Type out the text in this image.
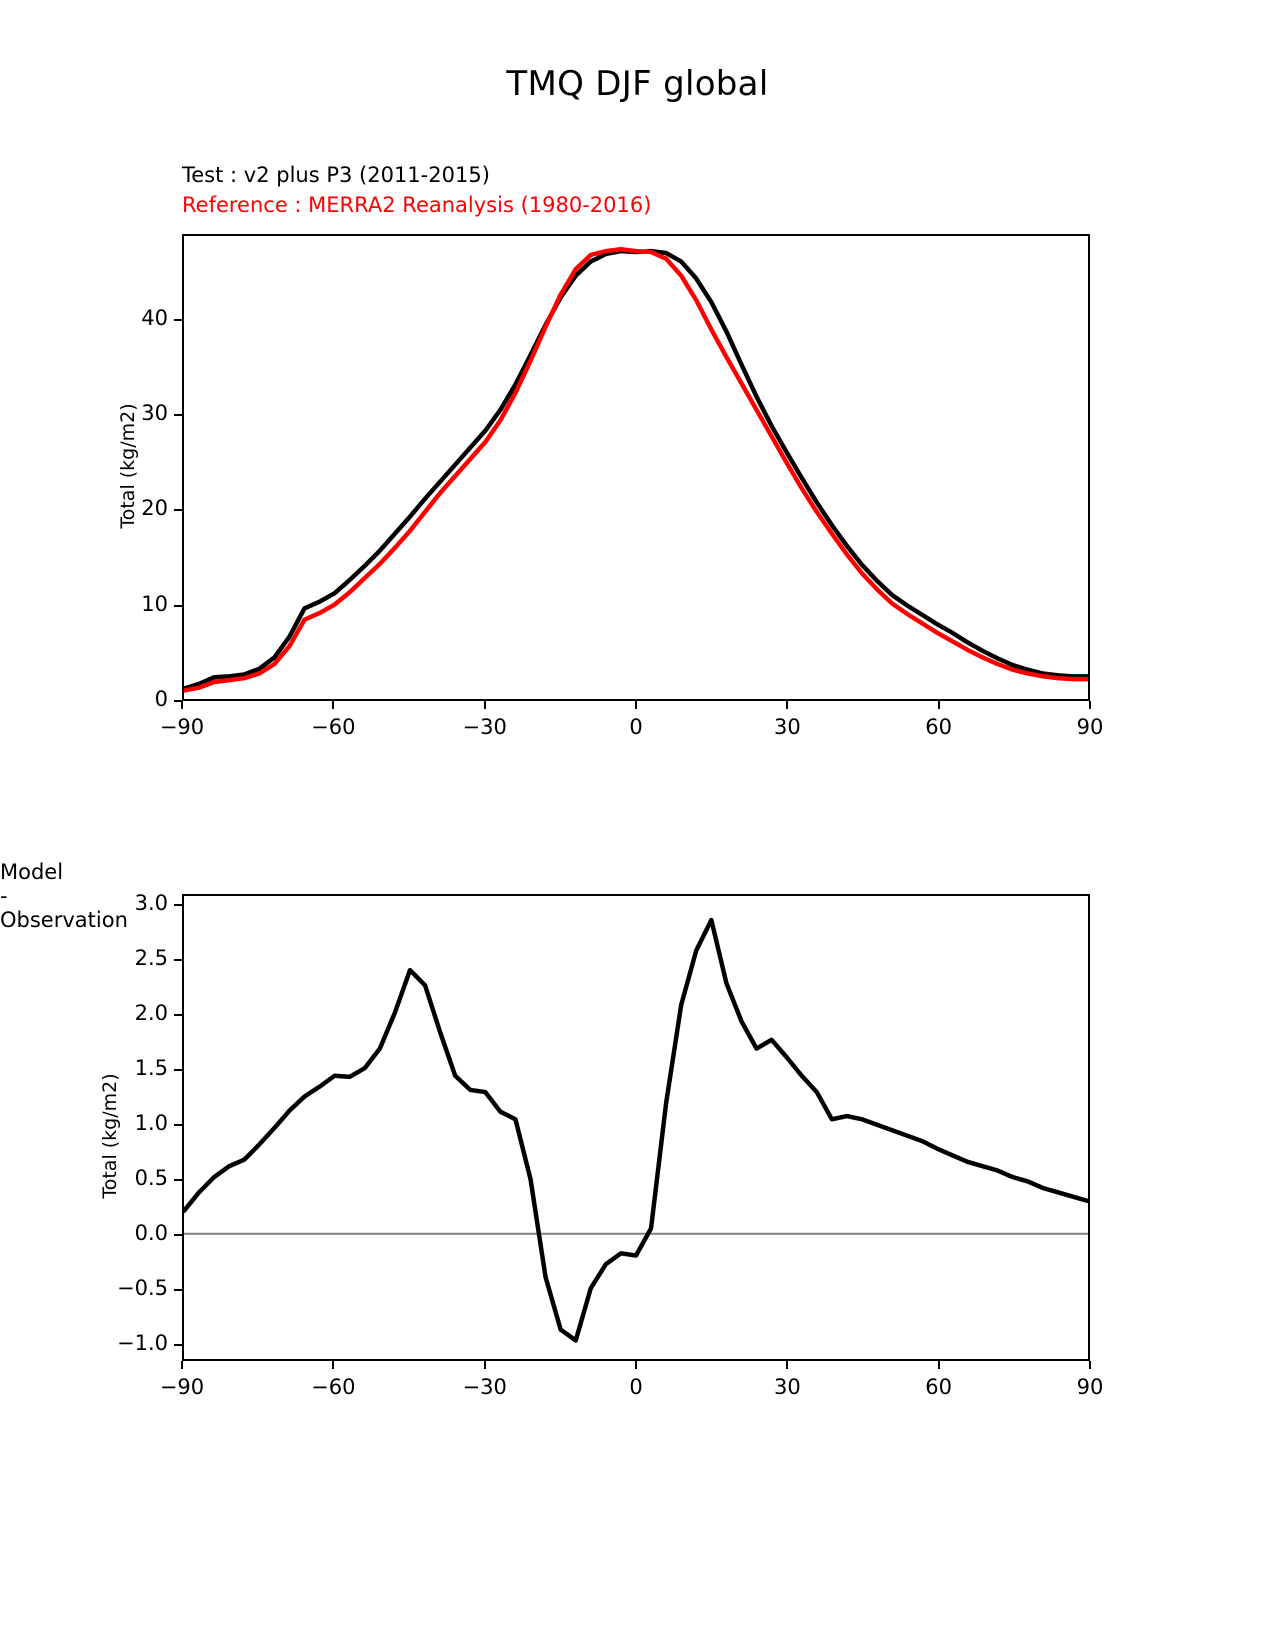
TMQ DJF global
Test : v2 plus P3 (2011-2015)
Reference : MERRA2 Reanalysis (1980-2016)
Total (kg/m2)
Model - Observation
Total (kg/m2)
−90	−60	−30	0	30	60	90
0
10
20
30
40
−90	−60	−30	0	30	60	90
−1.0
−0.5
0.0
0.5
1.0
1.5
2.0
2.5
3.0
